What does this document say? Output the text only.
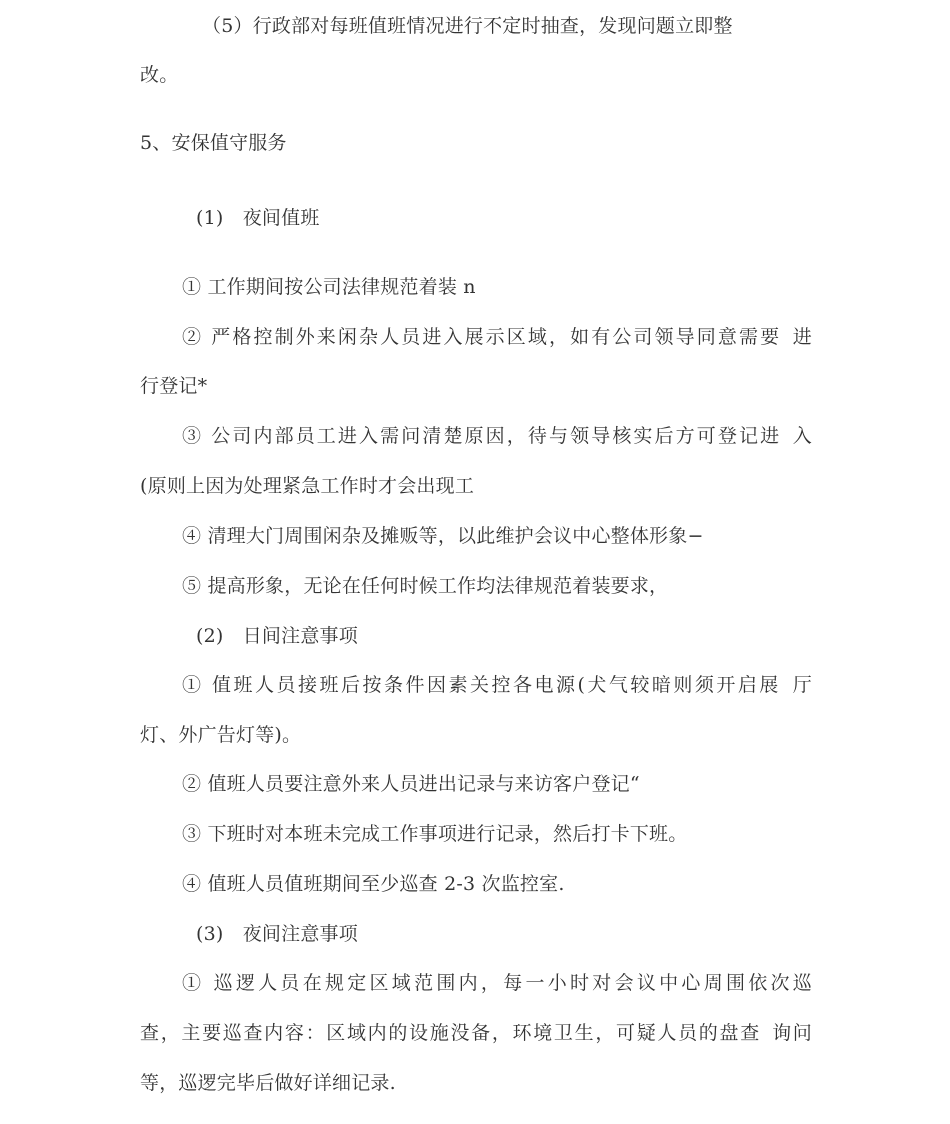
（5）行政部对每班值班情况进行不定时抽查，发现问题立即整
改。
5、安保值守服务
(1)　夜间值班
① 工作期间按公司法律规范着装 n
② 严格控制外来闲杂人员进入展示区域，如有公司领导同意需要 进
行登记*
③ 公司内部员工进入需问清楚原因，待与领导核实后方可登记进 入
(原则上因为处理紧急工作时才会出现工
④ 清理大门周围闲杂及摊贩等，以此维护会议中心整体形象−
⑤ 提高形象，无论在任何时候工作均法律规范着装要求，
(2)　日间注意事项
① 值班人员接班后按条件因素关控各电源(犬气较暗则须开启展 厅
灯、外广告灯等)。
② 值班人员要注意外来人员进出记录与来访客户登记“
③ 下班时对本班未完成工作事项进行记录，然后打卡下班。
④ 值班人员值班期间至少巡查 2-3 次监控室.
(3)　夜间注意事项
① 巡逻人员在规定区域范围内，每一小时对会议中心周围依次巡
查，主要巡查内容：区域内的设施没备，环境卫生，可疑人员的盘查 询问
等，巡逻完毕后做好详细记录.
